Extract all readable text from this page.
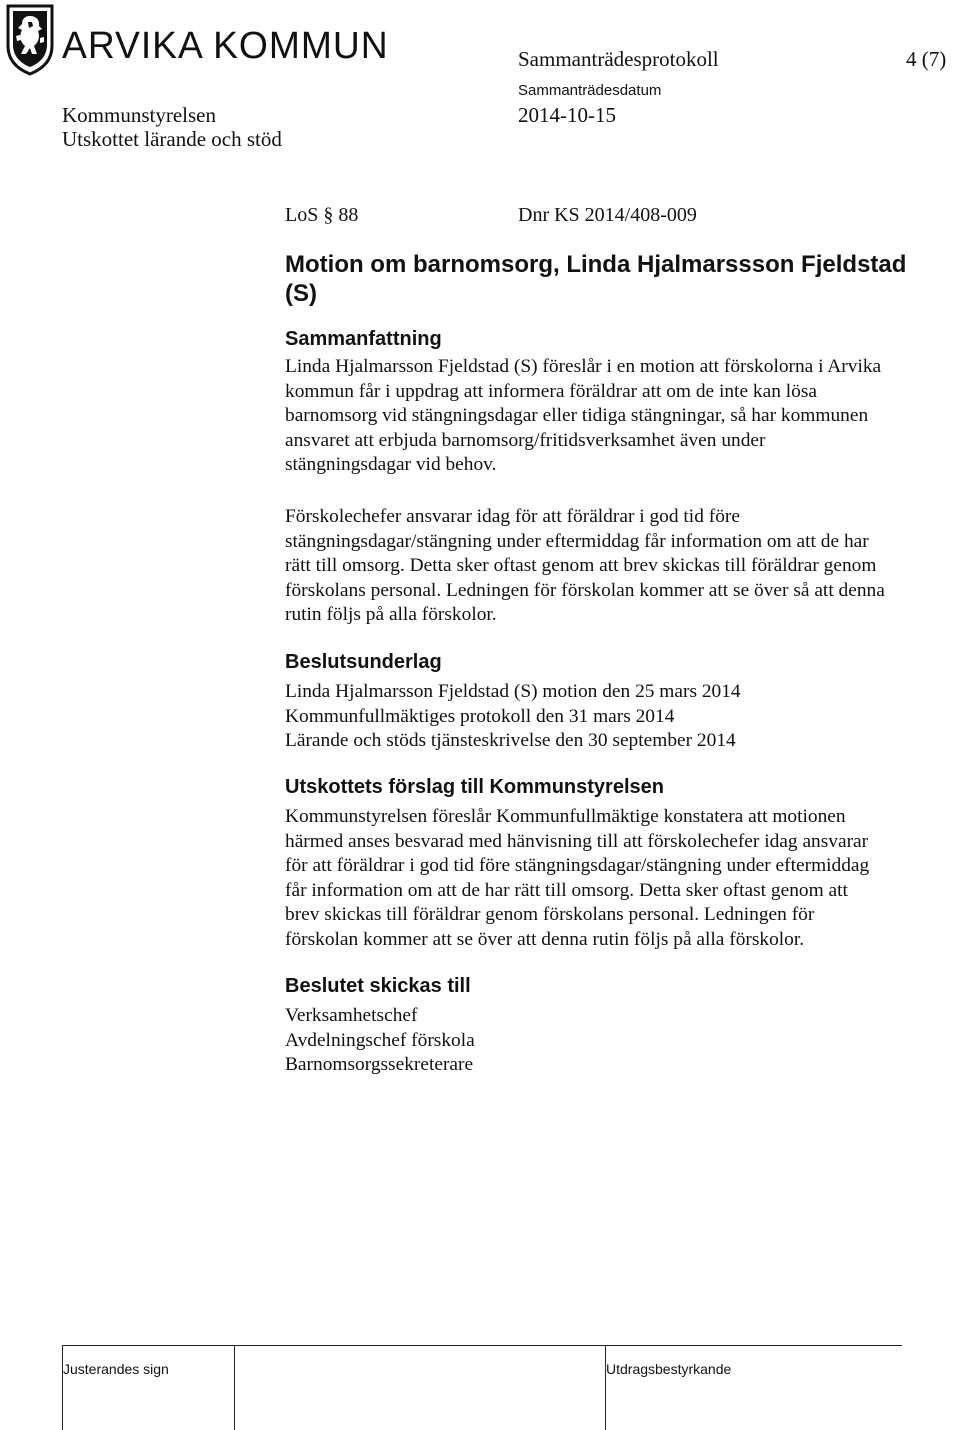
ARVIKA KOMMUN	Sammanträdesprotokoll	4 (7)
Sammanträdesdatum
2014-10-15
Kommunstyrelsen
Utskottet lärande och stöd
LoS § 88	Dnr KS 2014/408-009
Motion om barnomsorg, Linda Hjalmarssson Fjeldstad (S)
Sammanfattning
Linda Hjalmarsson Fjeldstad (S) föreslår i en motion att förskolorna i Arvika
kommun får i uppdrag att informera föräldrar att om de inte kan lösa
barnomsorg vid stängningsdagar eller tidiga stängningar, så har kommunen
ansvaret att erbjuda barnomsorg/fritidsverksamhet även under
stängningsdagar vid behov.
Förskolechefer ansvarar idag för att föräldrar i god tid före
stängningsdagar/stängning under eftermiddag får information om att de har
rätt till omsorg. Detta sker oftast genom att brev skickas till föräldrar genom
förskolans personal. Ledningen för förskolan kommer att se över så att denna
rutin följs på alla förskolor.
Beslutsunderlag
Linda Hjalmarsson Fjeldstad (S) motion den 25 mars 2014
Kommunfullmäktiges protokoll den 31 mars 2014
Lärande och stöds tjänsteskrivelse den 30 september 2014
Utskottets förslag till Kommunstyrelsen
Kommunstyrelsen föreslår Kommunfullmäktige konstatera att motionen
härmed anses besvarad med hänvisning till att förskolechefer idag ansvarar
för att föräldrar i god tid före stängningsdagar/stängning under eftermiddag
får information om att de har rätt till omsorg. Detta sker oftast genom att
brev skickas till föräldrar genom förskolans personal. Ledningen för
förskolan kommer att se över att denna rutin följs på alla förskolor.
Beslutet skickas till
Verksamhetschef
Avdelningschef förskola
Barnomsorgssekreterare
Justerandes sign	Utdragsbestyrkande
